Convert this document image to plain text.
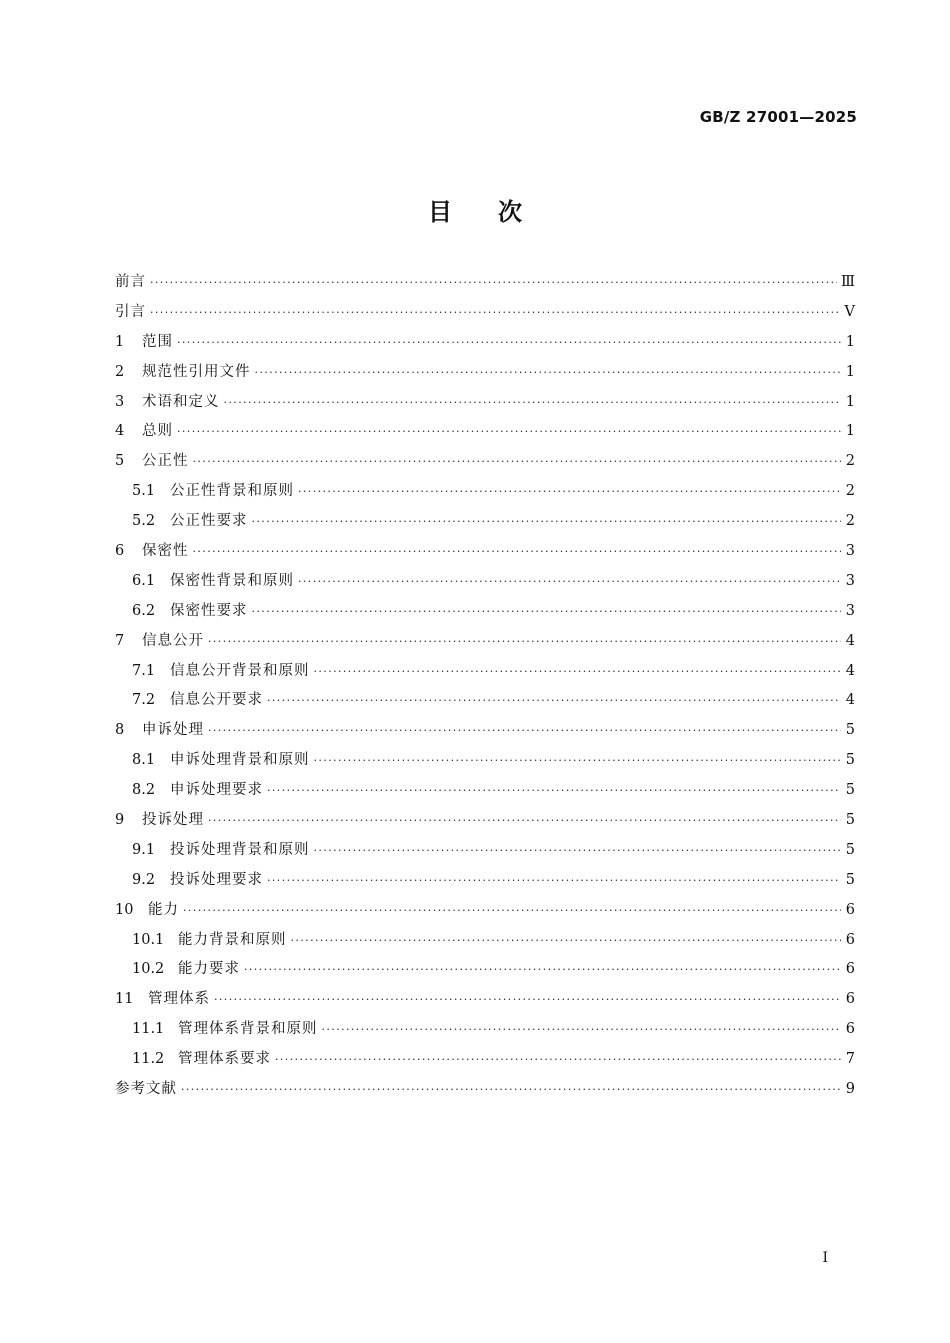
GB/Z 27001—2025
目次
前言 ·····	Ⅲ
引言 ·····	Ⅴ
1	范围 ·····	1
2	规范性引用文件 ·····	1
3	术语和定义 ·····	1
4	总则 ·····	1
5	公正性 ·····	2
5.1	公正性背景和原则 ·····	2
5.2	公正性要求 ·····	2
6	保密性 ·····	3
6.1	保密性背景和原则 ·····	3
6.2	保密性要求 ·····	3
7	信息公开 ·····	4
7.1	信息公开背景和原则 ·····	4
7.2	信息公开要求 ·····	4
8	申诉处理 ·····	5
8.1	申诉处理背景和原则 ·····	5
8.2	申诉处理要求 ·····	5
9	投诉处理 ·····	5
9.1	投诉处理背景和原则 ·····	5
9.2	投诉处理要求 ·····	5
10	能力 ·····	6
10.1 能力背景和原则 ·····	6
10.2 能力要求 ·····	6
11	管理体系 ·····	6
11.1 管理体系背景和原则 ·····	6
11.2 管理体系要求 ·····	7
参考文献 ·····	9
Ⅰ
